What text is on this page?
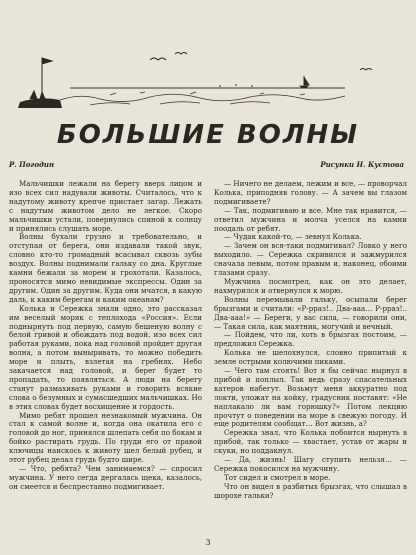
БОЛЬШИЕ ВОЛНЫ
Р. Погодин	Рисунки Н. Кустова

Мальчишки лежали на берегу вверх лицом и изо всех сил надували животы. Считалось, что к надутому животу крепче пристает загар. Лежать с надутым животом дело не легкое. Скоро мальчишки устали, повернулись спиной к солнцу и принялись слушать море.

Волны бухали грузно и требовательно, и отступая от берега, они издавали такой звук, словно кто-то громадный всасывал сквозь зубы воздух. Волны поднимали гальку со дна. Круглые камни бежали за морем и грохотали. Казалось, проносятся мимо невидимые экспрессы. Один за другим. Один за другим. Куда они мчатся, в какую даль, к каким берегам и каким океанам?

Колька и Сережка знали одно, это рассказал им веселый моряк с теплохода «Россия». Если поднырнуть под первую, самую бешеную волну с белой гривой и обождать под водой, изо всех сил работая руками, пока над головой пройдет другая волна, а потом выныривать, то можно победить море и плыть, взлетая на гребнях. Небо закачается над головой, и берег будет то пропадать, то появляться. А люди на берегу станут размахивать руками и говорить всякие слова о безумных и сумасшедших мальчишках. Но в этих словах будет восхищение и гордость.

Мимо ребят прошел незнакомый мужчина. Он стал к самой волне и, когда она окатила его с головой до ног, принялся шлепать себя по бокам и бойко растирать грудь. По груди его от правой ключицы наискось к животу шел белый рубец, и этот рубец делал грудь будто шире.

— Что, ребята? Чем занимаемся? — спросил мужчина. У него сегда дергалась щека, казалось, он смеется и беспрестанно подмигивает.

— Ничего не делаем, лежим и все, — проворчал Колька, приподняв голову. — А зачем вы глазом подмигиваете?

— Так, подмигиваю и все. Мне так нравится, — ответил мужчина и молча уселся на камни поодаль от ребят.

— Чудак какой-то, — зевнул Колька.

— Зачем он вся-таки подмигивал? Ловко у него выходило. — Сережка скривился и зажмурился сначала левым, потом правым и, наконец, обоими глазами сразу.

Мужчина посмотрел, как он это делает, нахмурился и отвернулся к морю.

Волны перемывали гальку, осыпали берег брызгами и считали: «Р-рраз!.. Два-ааа… Р-рраз!.. Два-ааа!» — Береги, у вас сила, — говорили они, — Такая сила, как маятник, могучий и вечный.

— Пойдем, что ли, хоть в брызгах постоим, — предложил Сережка.

Колька не шелохнулся, словно припитый к земле острыми колючими пиками.

— Чего там стоять! Вот я бы сейчас нырнул в прибой и поплыл. Так ведь сразу спасательных катеров набегут. Возьмут меня аккуратно под локти, уложат на койку, градусник поставят: «Не наплакало ли вам горюшку?» Потом лекцию прочтут о поведении на море в свежую погоду. И еще родителям сообщат… Вот жизнь, а?

Сережка знал, что Колька побоится нырнуть в прибой, так только — хвастает, устав от жары и скуки, но поддакнул.

— Да, жизнь! Шагу ступить нельзя… — Сережка покосился на мужчину.

Тот сидел и смотрел в море.

Что он видел в разбитых брызгах, что слышал в шорохе гальки?

3
